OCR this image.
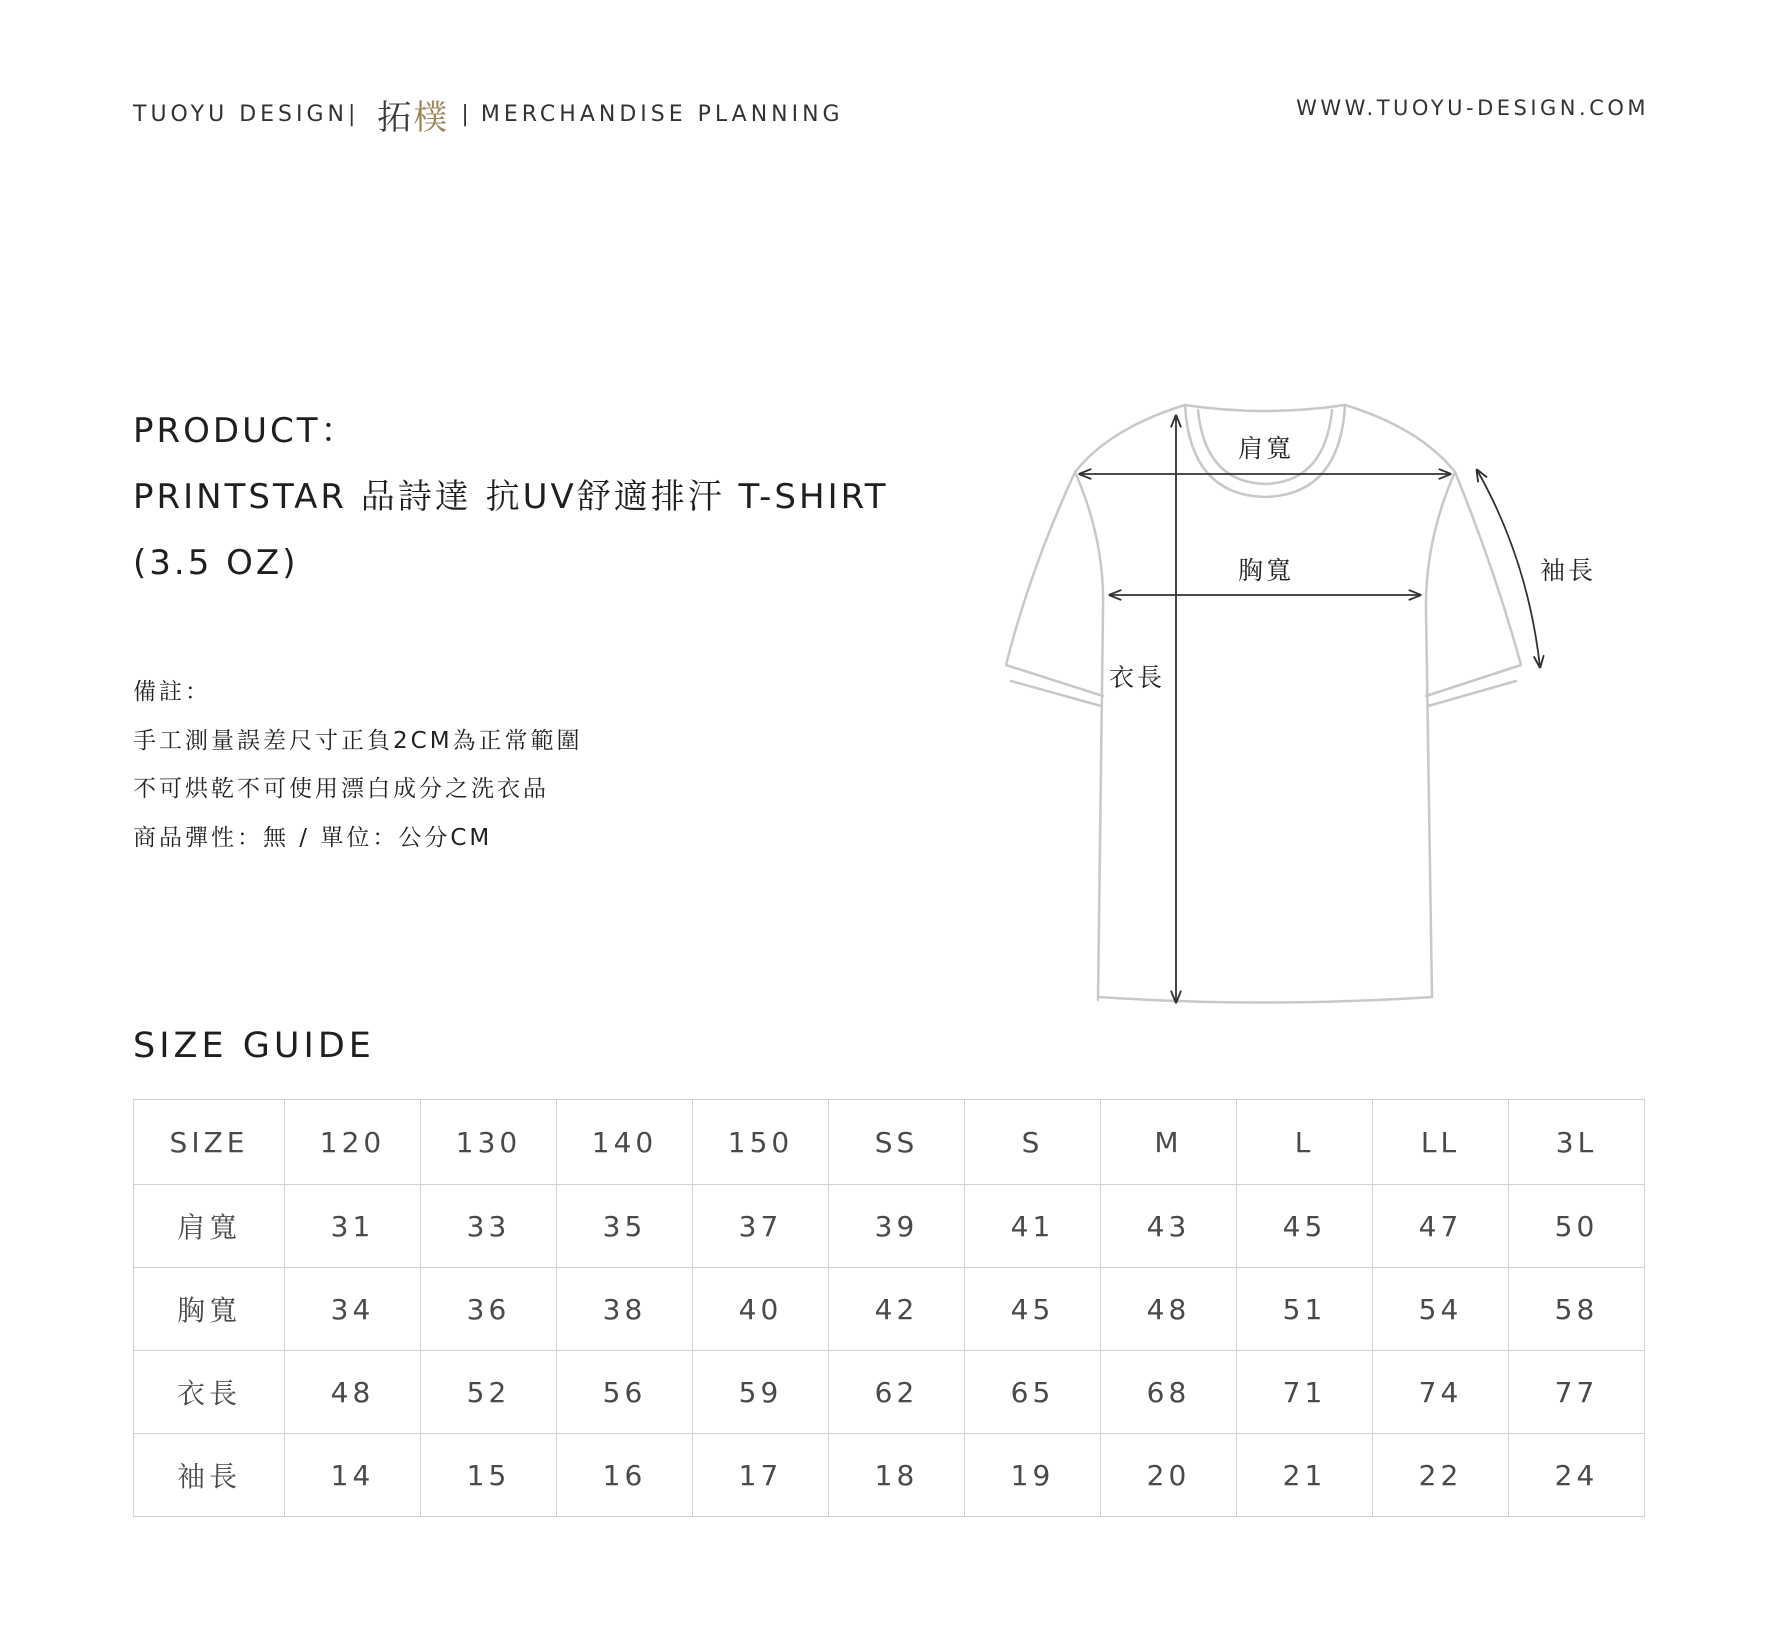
TUOYU DESIGN | 拓樸 | MERCHANDISE PLANNING	WWW.TUOYU-DESIGN.COM
PRODUCT：
PRINTSTAR 品詩達 抗UV舒適排汗 T-SHIRT
(3.5 OZ)
備註：
手工測量誤差尺寸正負2CM為正常範圍
不可烘乾不可使用漂白成分之洗衣品
商品彈性：無 / 單位：公分CM
肩寬
胸寬
衣長
袖長
SIZE GUIDE
SIZE	120	130	140	150	SS	S	M	L	LL	3L
肩寬	31	33	35	37	39	41	43	45	47	50
胸寬	34	36	38	40	42	45	48	51	54	58
衣長	48	52	56	59	62	65	68	71	74	77
袖長	14	15	16	17	18	19	20	21	22	24
